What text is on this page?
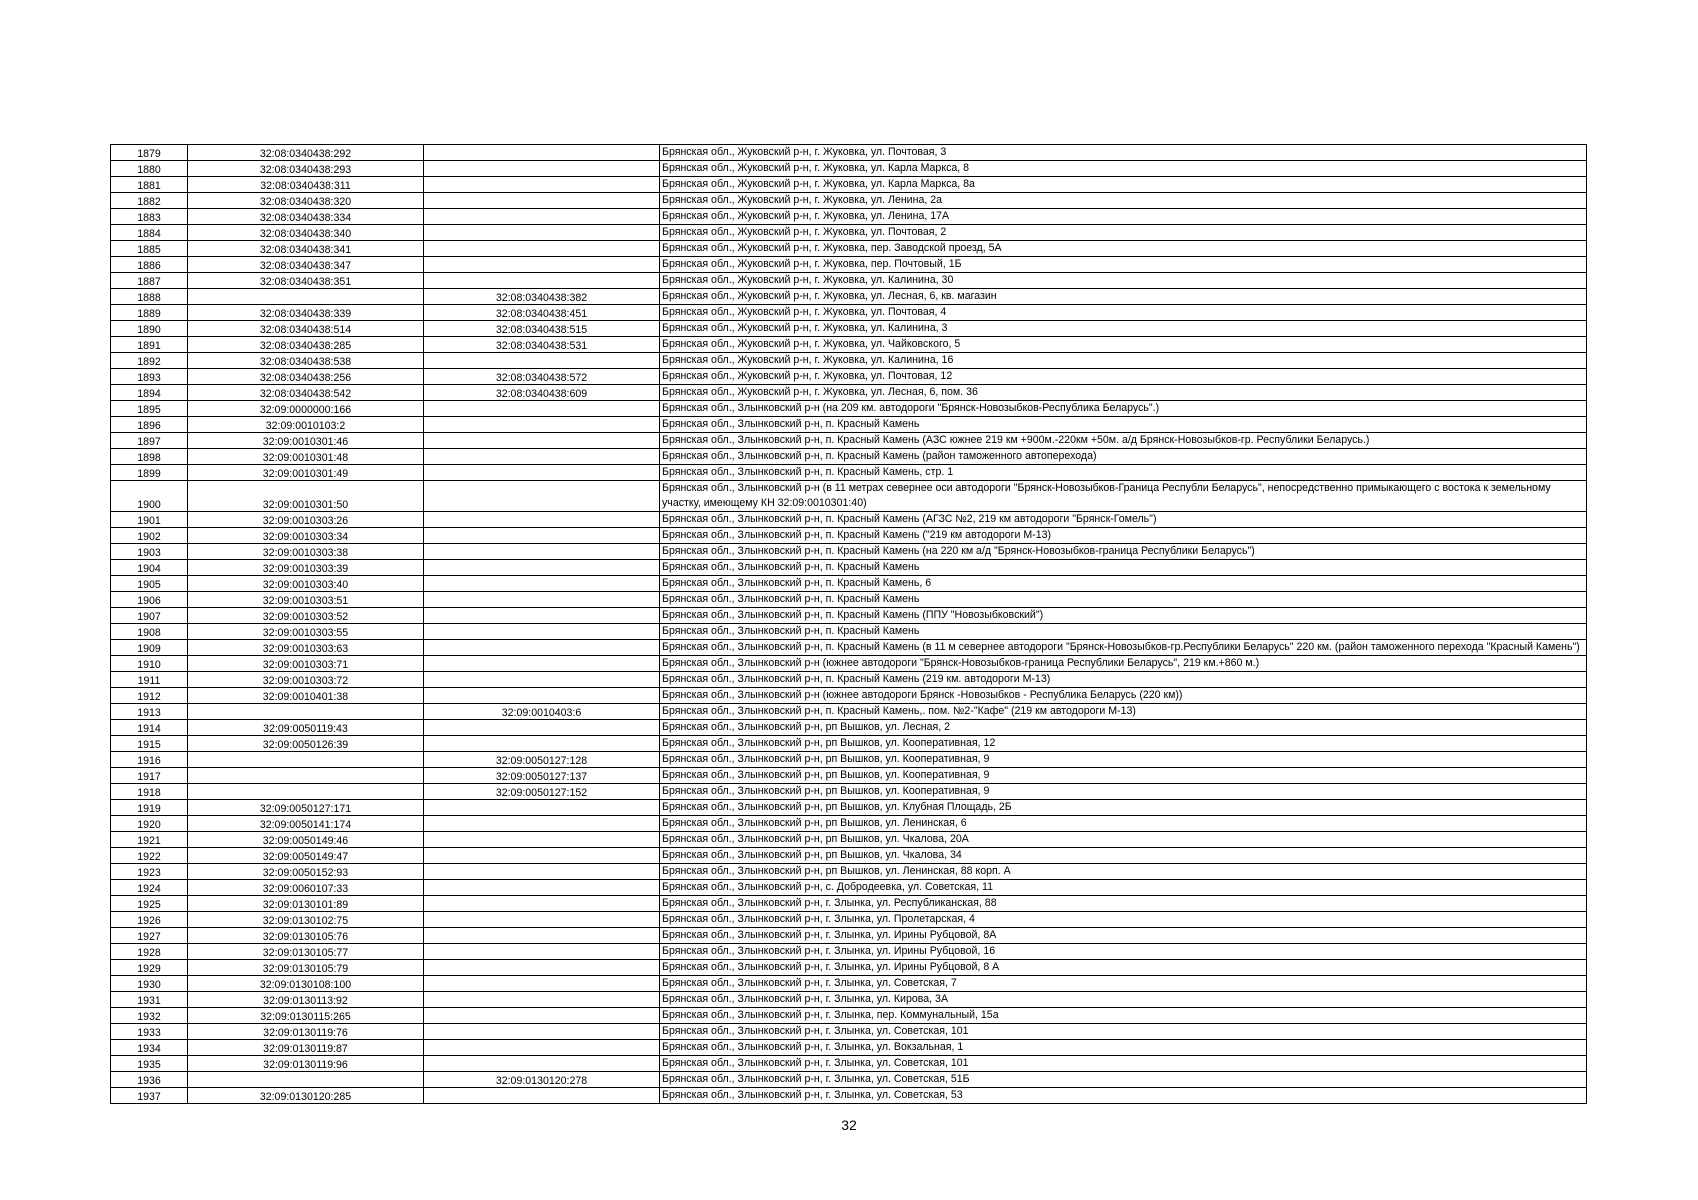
1879	32:08:0340438:292		Брянская обл., Жуковский р-н, г. Жуковка, ул. Почтовая, 3
1880	32:08:0340438:293		Брянская обл., Жуковский р-н, г. Жуковка, ул. Карла Маркса, 8
1881	32:08:0340438:311		Брянская обл., Жуковский р-н, г. Жуковка, ул. Карла Маркса, 8а
1882	32:08:0340438:320		Брянская обл., Жуковский р-н, г. Жуковка, ул. Ленина, 2а
1883	32:08:0340438:334		Брянская обл., Жуковский р-н, г. Жуковка, ул. Ленина, 17А
1884	32:08:0340438:340		Брянская обл., Жуковский р-н, г. Жуковка, ул. Почтовая, 2
1885	32:08:0340438:341		Брянская обл., Жуковский р-н, г. Жуковка, пер. Заводской проезд, 5А
1886	32:08:0340438:347		Брянская обл., Жуковский р-н, г. Жуковка, пер. Почтовый, 1Б
1887	32:08:0340438:351		Брянская обл., Жуковский р-н, г. Жуковка, ул. Калинина, 30
1888		32:08:0340438:382	Брянская обл., Жуковский р-н, г. Жуковка, ул. Лесная, 6, кв. магазин
1889	32:08:0340438:339	32:08:0340438:451	Брянская обл., Жуковский р-н, г. Жуковка, ул. Почтовая, 4
1890	32:08:0340438:514	32:08:0340438:515	Брянская обл., Жуковский р-н, г. Жуковка, ул. Калинина, 3
1891	32:08:0340438:285	32:08:0340438:531	Брянская обл., Жуковский р-н, г. Жуковка, ул. Чайковского, 5
1892	32:08:0340438:538		Брянская обл., Жуковский р-н, г. Жуковка, ул. Калинина, 16
1893	32:08:0340438:256	32:08:0340438:572	Брянская обл., Жуковский р-н, г. Жуковка, ул. Почтовая, 12
1894	32:08:0340438:542	32:08:0340438:609	Брянская обл., Жуковский р-н, г. Жуковка, ул. Лесная, 6, пом. 36
1895	32:09:0000000:166		Брянская обл., Злынковский р-н (на 209 км. автодороги "Брянск-Новозыбков-Республика Беларусь".)
1896	32:09:0010103:2		Брянская обл., Злынковский р-н, п. Красный Камень
1897	32:09:0010301:46		Брянская обл., Злынковский р-н, п. Красный Камень (АЗС южнее 219 км +900м.-220км +50м. а/д Брянск-Новозыбков-гр. Республики Беларусь.)
1898	32:09:0010301:48		Брянская обл., Злынковский р-н, п. Красный Камень (район таможенного автоперехода)
1899	32:09:0010301:49		Брянская обл., Злынковский р-н, п. Красный Камень, стр. 1
1900	32:09:0010301:50		Брянская обл., Злынковский р-н (в 11 метрах севернее оси автодороги "Брянск-Новозыбков-Граница Республи Беларусь", непосредственно примыкающего с востока к земельному участку, имеющему КН 32:09:0010301:40)
1901	32:09:0010303:26		Брянская обл., Злынковский р-н, п. Красный Камень (АГЗС №2, 219 км автодороги "Брянск-Гомель")
1902	32:09:0010303:34		Брянская обл., Злынковский р-н, п. Красный Камень ("219 км автодороги М-13)
1903	32:09:0010303:38		Брянская обл., Злынковский р-н, п. Красный Камень (на 220 км а/д "Брянск-Новозыбков-граница Республики Беларусь")
1904	32:09:0010303:39		Брянская обл., Злынковский р-н, п. Красный Камень
1905	32:09:0010303:40		Брянская обл., Злынковский р-н, п. Красный Камень, 6
1906	32:09:0010303:51		Брянская обл., Злынковский р-н, п. Красный Камень
1907	32:09:0010303:52		Брянская обл., Злынковский р-н, п. Красный Камень (ППУ "Новозыбковский")
1908	32:09:0010303:55		Брянская обл., Злынковский р-н, п. Красный Камень
1909	32:09:0010303:63		Брянская обл., Злынковский р-н, п. Красный Камень (в 11 м севернее автодороги "Брянск-Новозыбков-гр.Республики Беларусь" 220 км. (район таможенного перехода "Красный Камень")
1910	32:09:0010303:71		Брянская обл., Злынковский р-н (южнее автодороги "Брянск-Новозыбков-граница Республики Беларусь", 219 км.+860 м.)
1911	32:09:0010303:72		Брянская обл., Злынковский р-н, п. Красный Камень (219 км. автодороги М-13)
1912	32:09:0010401:38		Брянская обл., Злынковский р-н (южнее автодороги Брянск -Новозыбков - Республика Беларусь (220 км))
1913		32:09:0010403:6	Брянская обл., Злынковский р-н, п. Красный Камень,. пом. №2-"Кафе" (219 км автодороги М-13)
1914	32:09:0050119:43		Брянская обл., Злынковский р-н, рп Вышков, ул. Лесная, 2
1915	32:09:0050126:39		Брянская обл., Злынковский р-н, рп Вышков, ул. Кооперативная, 12
1916		32:09:0050127:128	Брянская обл., Злынковский р-н, рп Вышков, ул. Кооперативная, 9
1917		32:09:0050127:137	Брянская обл., Злынковский р-н, рп Вышков, ул. Кооперативная, 9
1918		32:09:0050127:152	Брянская обл., Злынковский р-н, рп Вышков, ул. Кооперативная, 9
1919	32:09:0050127:171		Брянская обл., Злынковский р-н, рп Вышков, ул. Клубная Площадь, 2Б
1920	32:09:0050141:174		Брянская обл., Злынковский р-н, рп Вышков, ул. Ленинская, 6
1921	32:09:0050149:46		Брянская обл., Злынковский р-н, рп Вышков, ул. Чкалова, 20А
1922	32:09:0050149:47		Брянская обл., Злынковский р-н, рп Вышков, ул. Чкалова, 34
1923	32:09:0050152:93		Брянская обл., Злынковский р-н, рп Вышков, ул. Ленинская, 88 корп. А
1924	32:09:0060107:33		Брянская обл., Злынковский р-н, с. Добродеевка, ул. Советская, 11
1925	32:09:0130101:89		Брянская обл., Злынковский р-н, г. Злынка, ул. Республиканская, 88
1926	32:09:0130102:75		Брянская обл., Злынковский р-н, г. Злынка, ул. Пролетарская, 4
1927	32:09:0130105:76		Брянская обл., Злынковский р-н, г. Злынка, ул. Ирины Рубцовой, 8А
1928	32:09:0130105:77		Брянская обл., Злынковский р-н, г. Злынка, ул. Ирины Рубцовой, 16
1929	32:09:0130105:79		Брянская обл., Злынковский р-н, г. Злынка, ул. Ирины Рубцовой, 8 А
1930	32:09:0130108:100		Брянская обл., Злынковский р-н, г. Злынка, ул. Советская, 7
1931	32:09:0130113:92		Брянская обл., Злынковский р-н, г. Злынка, ул. Кирова, 3А
1932	32:09:0130115:265		Брянская обл., Злынковский р-н, г. Злынка, пер. Коммунальный, 15а
1933	32:09:0130119:76		Брянская обл., Злынковский р-н, г. Злынка, ул. Советская, 101
1934	32:09:0130119:87		Брянская обл., Злынковский р-н, г. Злынка, ул. Вокзальная, 1
1935	32:09:0130119:96		Брянская обл., Злынковский р-н, г. Злынка, ул. Советская, 101
1936		32:09:0130120:278	Брянская обл., Злынковский р-н, г. Злынка, ул. Советская, 51Б
1937	32:09:0130120:285		Брянская обл., Злынковский р-н, г. Злынка, ул. Советская, 53
32
